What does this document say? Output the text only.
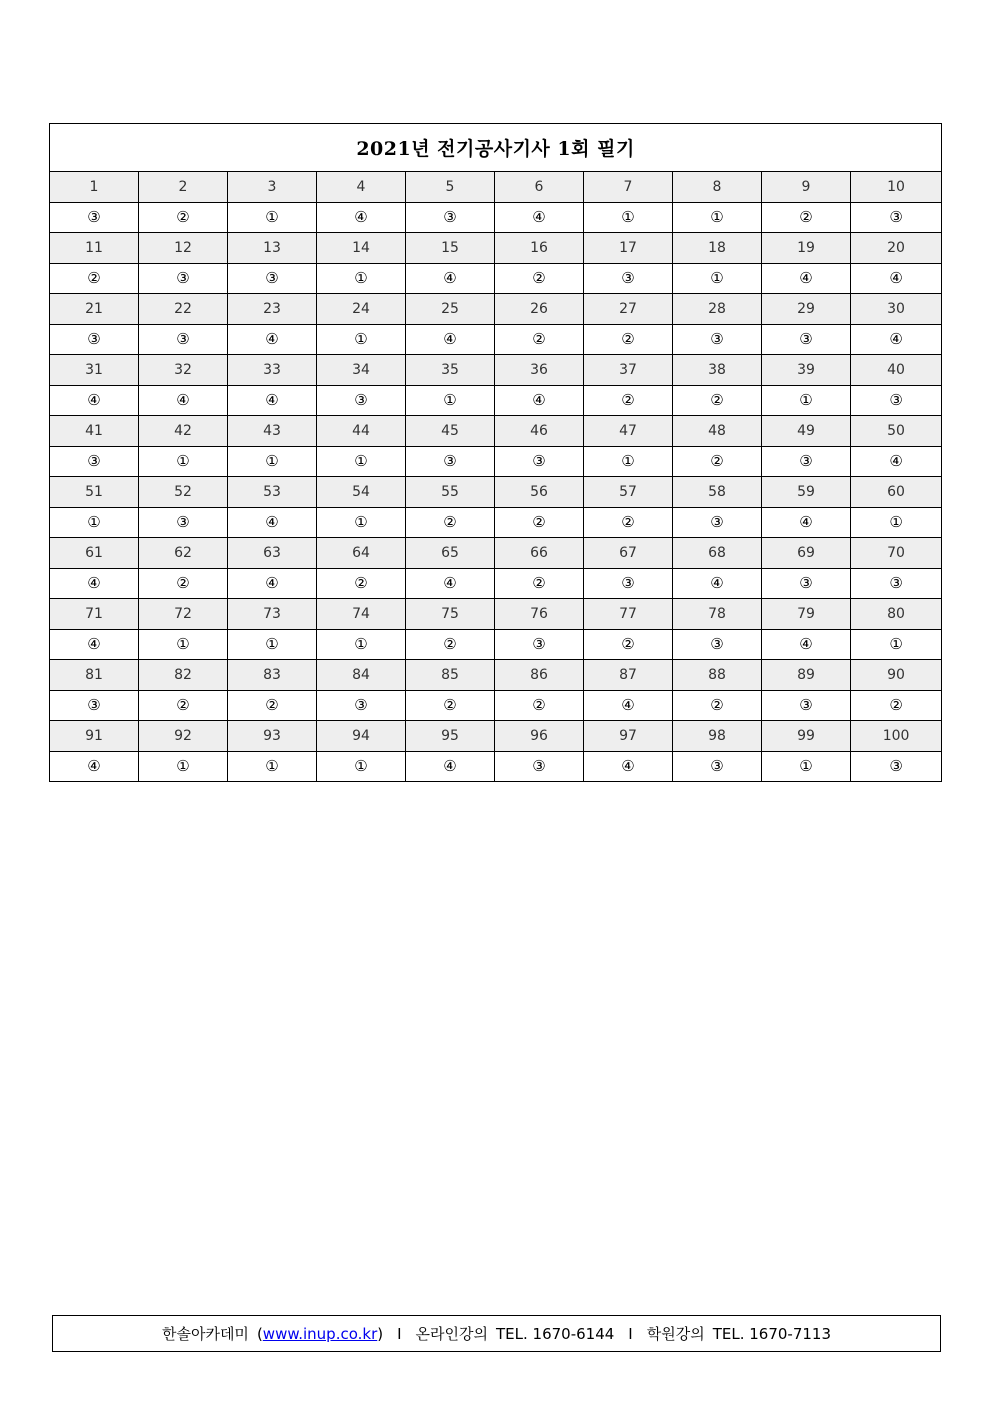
2021년 전기공사기사 1회 필기									
1	2	3	4	5	6	7	8	9	10
③	②	①	④	③	④	①	①	②	③
11	12	13	14	15	16	17	18	19	20
②	③	③	①	④	②	③	①	④	④
21	22	23	24	25	26	27	28	29	30
③	③	④	①	④	②	②	③	③	④
31	32	33	34	35	36	37	38	39	40
④	④	④	③	①	④	②	②	①	③
41	42	43	44	45	46	47	48	49	50
③	①	①	①	③	③	①	②	③	④
51	52	53	54	55	56	57	58	59	60
①	③	④	①	②	②	②	③	④	①
61	62	63	64	65	66	67	68	69	70
④	②	④	②	④	②	③	④	③	③
71	72	73	74	75	76	77	78	79	80
④	①	①	①	②	③	②	③	④	①
81	82	83	84	85	86	87	88	89	90
③	②	②	③	②	②	④	②	③	②
91	92	93	94	95	96	97	98	99	100
④	①	①	①	④	③	④	③	①	③
한솔아카데미 ( www.inup.co.kr ) I 온라인강의 TEL. 1670-6144 I 학원강의 TEL. 1670-7113
